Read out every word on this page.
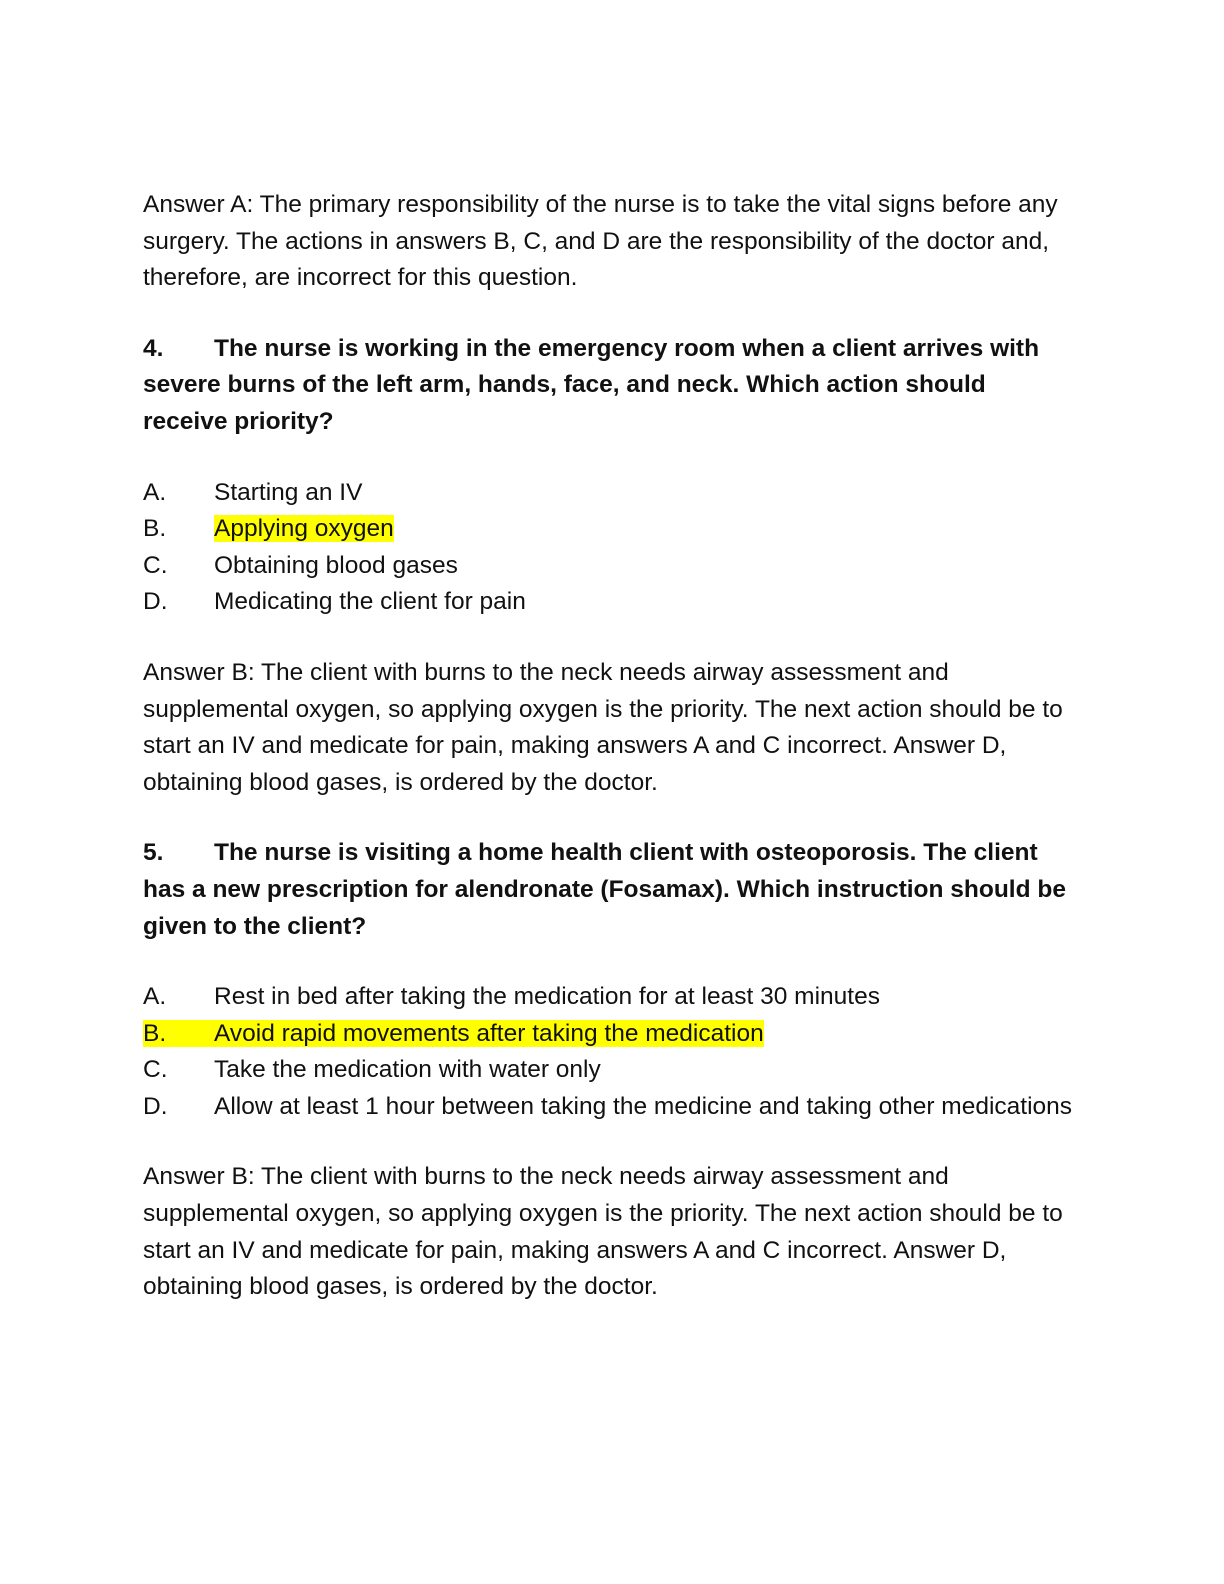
Answer A: The primary responsibility of the nurse is to take the vital signs before any surgery. The actions in answers B, C, and D are the responsibility of the doctor and, therefore, are incorrect for this question.

4. The nurse is working in the emergency room when a client arrives with severe burns of the left arm, hands, face, and neck. Which action should receive priority?

A. Starting an IV
B. Applying oxygen
C. Obtaining blood gases
D. Medicating the client for pain

Answer B: The client with burns to the neck needs airway assessment and supplemental oxygen, so applying oxygen is the priority. The next action should be to start an IV and medicate for pain, making answers A and C incorrect. Answer D, obtaining blood gases, is ordered by the doctor.

5. The nurse is visiting a home health client with osteoporosis. The client has a new prescription for alendronate (Fosamax). Which instruction should be given to the client?

A. Rest in bed after taking the medication for at least 30 minutes
B. Avoid rapid movements after taking the medication
C. Take the medication with water only
D. Allow at least 1 hour between taking the medicine and taking other medications

Answer B: The client with burns to the neck needs airway assessment and supplemental oxygen, so applying oxygen is the priority. The next action should be to start an IV and medicate for pain, making answers A and C incorrect. Answer D, obtaining blood gases, is ordered by the doctor.
